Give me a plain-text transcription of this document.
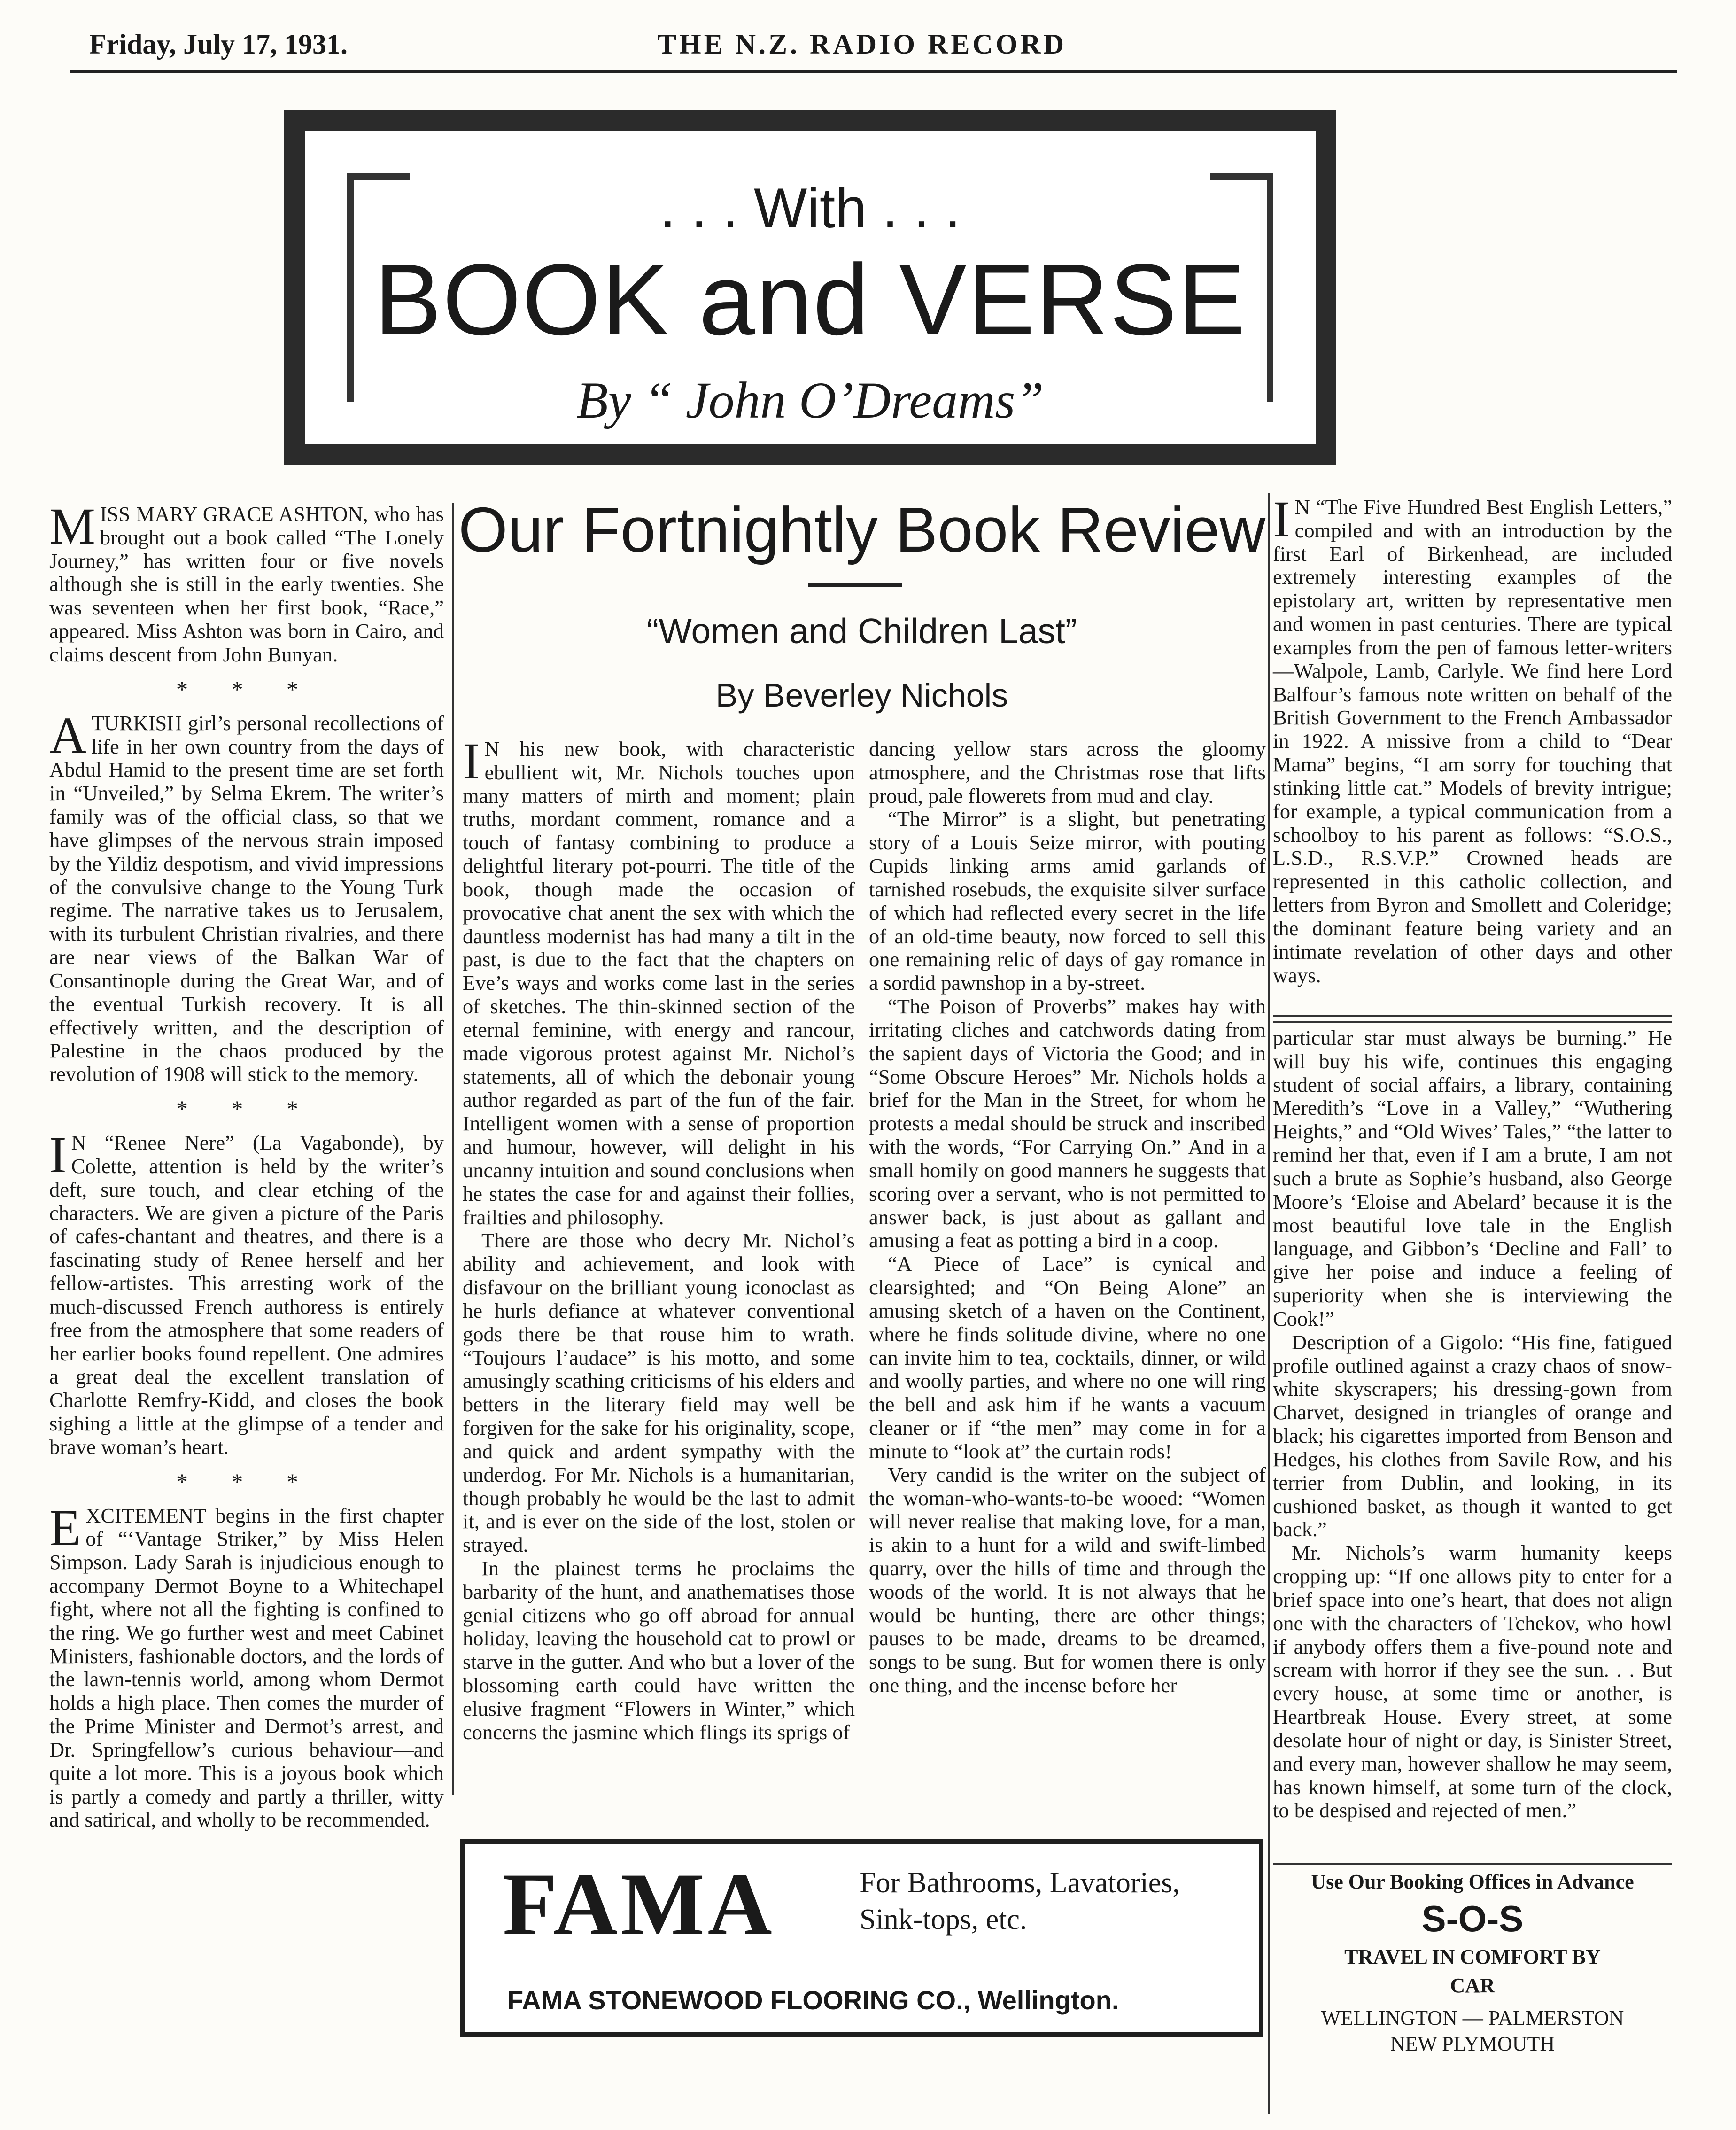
Friday, July 17, 1931.	THE N.Z. RADIO RECORD
. . . With . . .
BOOK and VERSE
By “ John O’Dreams”
Our Fortnightly Book Review
“Women and Children Last”
By Beverley Nichols

MISS MARY GRACE ASHTON, who has brought out a book called “The Lonely Journey,” has written four or five novels although she is still in the early twenties. She was seventeen when her first book, “Race,” appeared. Miss Ashton was born in Cairo, and claims descent from John Bunyan.

* * *

A TURKISH girl’s personal recollections of life in her own country from the days of Abdul Hamid to the present time are set forth in “Unveiled,” by Selma Ekrem. The writer’s family was of the official class, so that we have glimpses of the nervous strain imposed by the Yildiz despotism, and vivid impressions of the convulsive change to the Young Turk regime. The narrative takes us to Jerusalem, with its turbulent Christian rivalries, and there are near views of the Balkan War of Consantinople during the Great War, and of the eventual Turkish recovery. It is all effectively written, and the description of Palestine in the chaos produced by the revolution of 1908 will stick to the memory.

* * *

I N “Renee Nere” (La Vagabonde), by Colette, attention is held by the writer’s deft, sure touch, and clear etching of the characters. We are given a picture of the Paris of cafes-chantant and theatres, and there is a fascinating study of Renee herself and her fellow-artistes. This arresting work of the much-discussed French authoress is entirely free from the atmosphere that some readers of her earlier books found repellent. One admires a great deal the excellent translation of Charlotte Remfry-Kidd, and closes the book sighing a little at the glimpse of a tender and brave woman’s heart.

* * *

EXCITEMENT begins in the first chapter of “‘Vantage Striker,” by Miss Helen Simpson. Lady Sarah is injudicious enough to accompany Dermot Boyne to a Whitechapel fight, where not all the fighting is confined to the ring. We go further west and meet Cabinet Ministers, fashionable doctors, and the lords of the lawn-tennis world, among whom Dermot holds a high place. Then comes the murder of the Prime Minister and Dermot’s arrest, and Dr. Springfellow’s curious behaviour—and quite a lot more. This is a joyous book which is partly a comedy and partly a thriller, witty and satirical, and wholly to be recommended.

I N his new book, with characteristic ebullient wit, Mr. Nichols touches upon many matters of mirth and moment; plain truths, mordant comment, romance and a touch of fantasy combining to produce a delightful literary pot-pourri. The title of the book, though made the occasion of provocative chat anent the sex with which the dauntless modernist has had many a tilt in the past, is due to the fact that the chapters on Eve’s ways and works come last in the series of sketches. The thin-skinned section of the eternal feminine, with energy and rancour, made vigorous protest against Mr. Nichol’s statements, all of which the debonair young author regarded as part of the fun of the fair. Intelligent women with a sense of proportion and humour, however, will delight in his uncanny intuition and sound conclusions when he states the case for and against their follies, frailties and philosophy.

There are those who decry Mr. Nichol’s ability and achievement, and look with disfavour on the brilliant young iconoclast as he hurls defiance at whatever conventional gods there be that rouse him to wrath. “Toujours l’audace” is his motto, and some amusingly scathing criticisms of his elders and betters in the literary field may well be forgiven for the sake for his originality, scope, and quick and ardent sympathy with the underdog. For Mr. Nichols is a humanitarian, though probably he would be the last to admit it, and is ever on the side of the lost, stolen or strayed.

In the plainest terms he proclaims the barbarity of the hunt, and anathematises those genial citizens who go off abroad for annual holiday, leaving the household cat to prowl or starve in the gutter. And who but a lover of the blossoming earth could have written the elusive fragment “Flowers in Winter,” which concerns the jasmine which flings its sprigs of

dancing yellow stars across the gloomy atmosphere, and the Christmas rose that lifts proud, pale flowerets from mud and clay.

“The Mirror” is a slight, but penetrating story of a Louis Seize mirror, with pouting Cupids linking arms amid garlands of tarnished rosebuds, the exquisite silver surface of which had reflected every secret in the life of an old-time beauty, now forced to sell this one remaining relic of days of gay romance in a sordid pawnshop in a by-street.

“The Poison of Proverbs” makes hay with irritating cliches and catchwords dating from the sapient days of Victoria the Good; and in “Some Obscure Heroes” Mr. Nichols holds a brief for the Man in the Street, for whom he protests a medal should be struck and inscribed with the words, “For Carrying On.” And in a small homily on good manners he suggests that scoring over a servant, who is not permitted to answer back, is just about as gallant and amusing a feat as potting a bird in a coop.

“A Piece of Lace” is cynical and clearsighted; and “On Being Alone” an amusing sketch of a haven on the Continent, where he finds solitude divine, where no one can invite him to tea, cocktails, dinner, or wild and woolly parties, and where no one will ring the bell and ask him if he wants a vacuum cleaner or if “the men” may come in for a minute to “look at” the curtain rods!

Very candid is the writer on the subject of the woman-who-wants-to-be wooed: “Women will never realise that making love, for a man, is akin to a hunt for a wild and swift-limbed quarry, over the hills of time and through the woods of the world. It is not always that he would be hunting, there are other things; pauses to be made, dreams to be dreamed, songs to be sung. But for women there is only one thing, and the incense before her

I N “The Five Hundred Best English Letters,” compiled and with an introduction by the first Earl of Birkenhead, are included extremely interesting examples of the epistolary art, written by representative men and women in past centuries. There are typical examples from the pen of famous letter-writers—Walpole, Lamb, Carlyle. We find here Lord Balfour’s famous note written on behalf of the British Government to the French Ambassador in 1922. A missive from a child to “Dear Mama” begins, “I am sorry for touching that stinking little cat.” Models of brevity intrigue; for example, a typical communication from a schoolboy to his parent as follows: “S.O.S., L.S.D., R.S.V.P.” Crowned heads are represented in this catholic collection, and letters from Byron and Smollett and Coleridge; the dominant feature being variety and an intimate revelation of other days and other ways.

particular star must always be burning.” He will buy his wife, continues this engaging student of social affairs, a library, containing Meredith’s “Love in a Valley,” “Wuthering Heights,” and “Old Wives’ Tales,” “the latter to remind her that, even if I am a brute, I am not such a brute as Sophie’s husband, also George Moore’s ‘Eloise and Abelard’ because it is the most beautiful love tale in the English language, and Gibbon’s ‘Decline and Fall’ to give her poise and induce a feeling of superiority when she is interviewing the Cook!”

Description of a Gigolo: “His fine, fatigued profile outlined against a crazy chaos of snow-white skyscrapers; his dressing-gown from Charvet, designed in triangles of orange and black; his cigarettes imported from Benson and Hedges, his clothes from Savile Row, and his terrier from Dublin, and looking, in its cushioned basket, as though it wanted to get back.”

Mr. Nichols’s warm humanity keeps cropping up: “If one allows pity to enter for a brief space into one’s heart, that does not align one with the characters of Tchekov, who howl if anybody offers them a five-pound note and scream with horror if they see the sun. . . But every house, at some time or another, is Heartbreak House. Every street, at some desolate hour of night or day, is Sinister Street, and every man, however shallow he may seem, has known himself, at some turn of the clock, to be despised and rejected of men.”

FAMA	For Bathrooms, Lavatories,
Sink-tops, etc.
FAMA STONEWOOD FLOORING CO., Wellington.
Use Our Booking Offices in Advance
S-O-S
TRAVEL IN COMFORT BY
CAR
WELLINGTON — PALMERSTON
NEW PLYMOUTH
